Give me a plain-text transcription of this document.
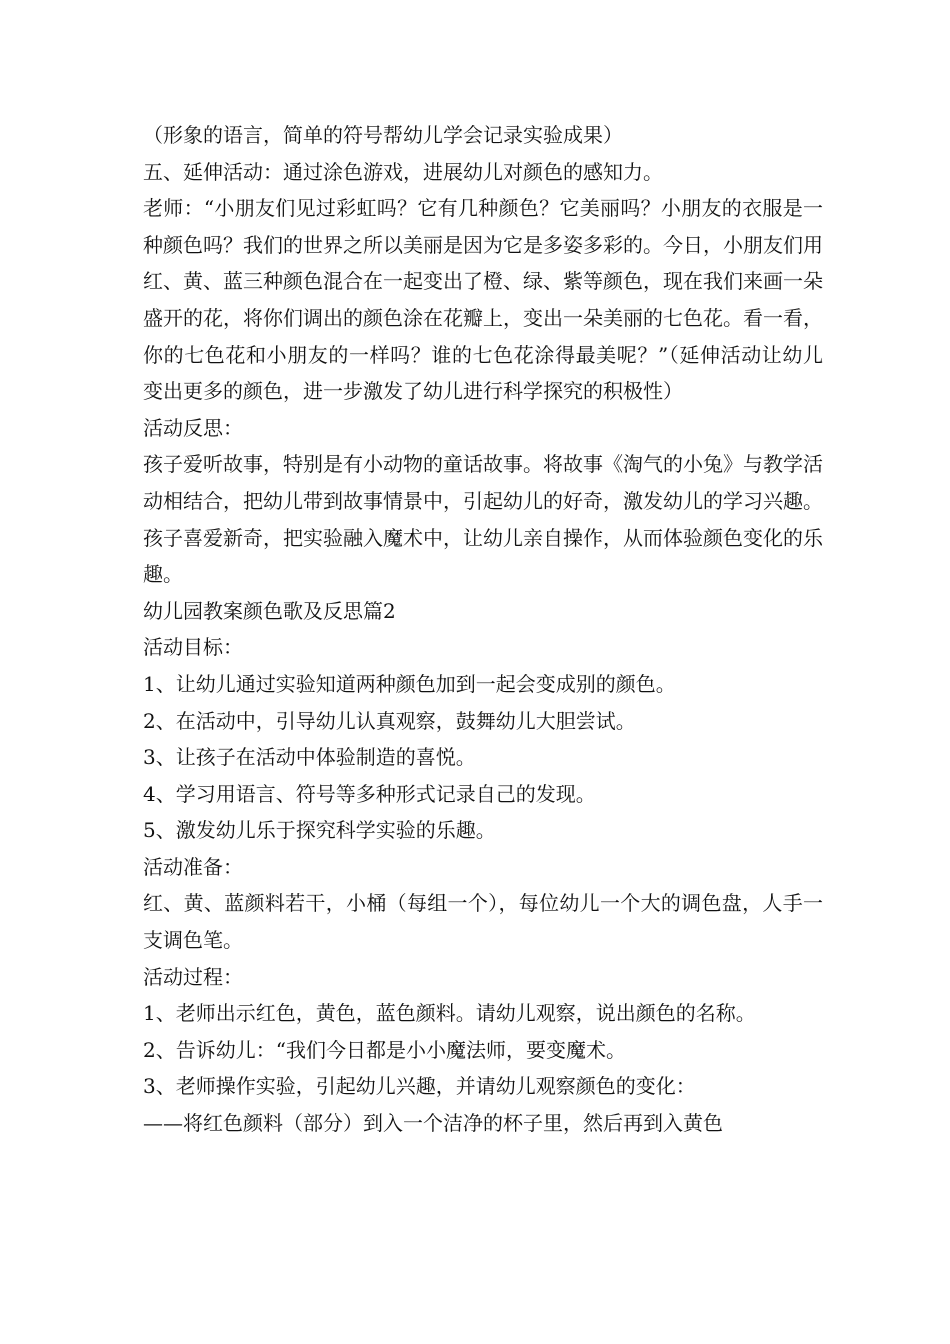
（形象的语言，简单的符号帮幼儿学会记录实验成果）

五、延伸活动：通过涂色游戏，进展幼儿对颜色的感知力。

老师：“小朋友们见过彩虹吗？它有几种颜色？它美丽吗？小朋友的衣服是一种颜色吗？我们的世界之所以美丽是因为它是多姿多彩的。今日，小朋友们用红、黄、蓝三种颜色混合在一起变出了橙、绿、紫等颜色，现在我们来画一朵盛开的花，将你们调出的颜色涂在花瓣上，变出一朵美丽的七色花。看一看，你的七色花和小朋友的一样吗？谁的七色花涂得最美呢？”（延伸活动让幼儿变出更多的颜色，进一步激发了幼儿进行科学探究的积极性）

活动反思：

孩子爱听故事，特别是有小动物的童话故事。将故事《淘气的小兔》与教学活动相结合，把幼儿带到故事情景中，引起幼儿的好奇，激发幼儿的学习兴趣。

孩子喜爱新奇，把实验融入魔术中，让幼儿亲自操作，从而体验颜色变化的乐趣。

幼儿园教案颜色歌及反思篇2

活动目标：

1、让幼儿通过实验知道两种颜色加到一起会变成别的颜色。

2、在活动中，引导幼儿认真观察，鼓舞幼儿大胆尝试。

3、让孩子在活动中体验制造的喜悦。

4、学习用语言、符号等多种形式记录自己的发现。

5、激发幼儿乐于探究科学实验的乐趣。

活动准备：

红、黄、蓝颜料若干，小桶（每组一个），每位幼儿一个大的调色盘，人手一支调色笔。

活动过程：

1、老师出示红色，黄色，蓝色颜料。请幼儿观察，说出颜色的名称。

2、告诉幼儿：“我们今日都是小小魔法师，要变魔术。

3、老师操作实验，引起幼儿兴趣，并请幼儿观察颜色的变化：

——将红色颜料（部分）到入一个洁净的杯子里，然后再到入黄色
